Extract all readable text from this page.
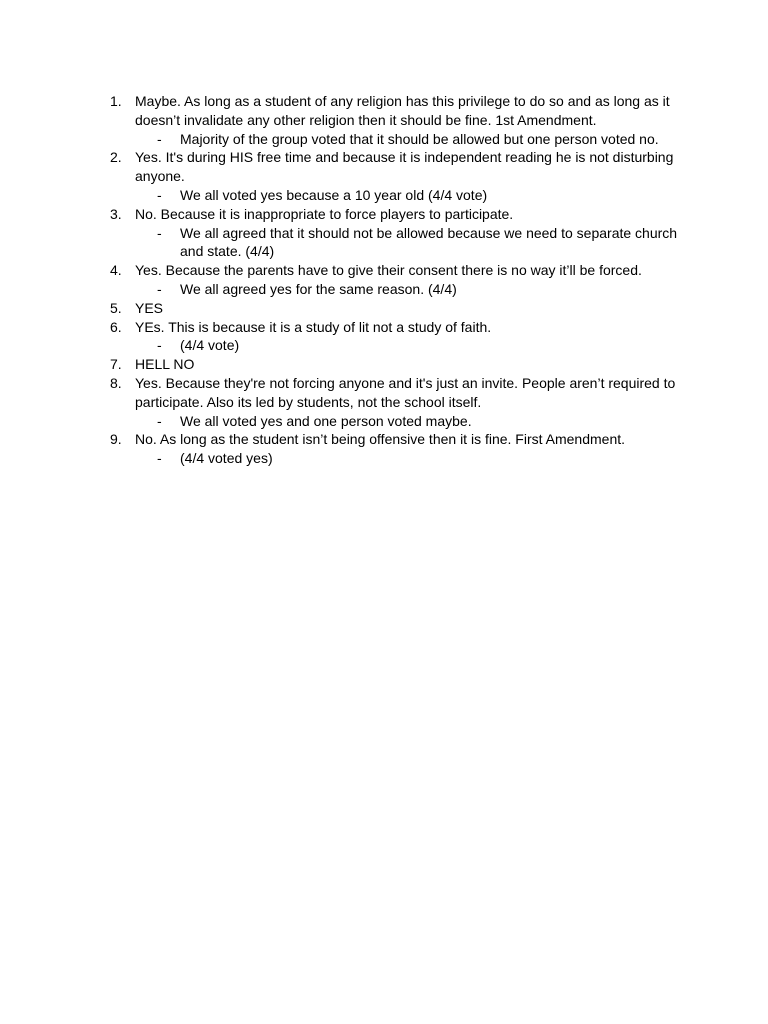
1. Maybe. As long as a student of any religion has this privilege to do so and as long as it doesn’t invalidate any other religion then it should be fine. 1st Amendment.
- Majority of the group voted that it should be allowed but one person voted no.
2. Yes. It's during HIS free time and because it is independent reading he is not disturbing anyone.
- We all voted yes because a 10 year old (4/4 vote)
3. No. Because it is inappropriate to force players to participate.
- We all agreed that it should not be allowed because we need to separate church and state. (4/4)
4. Yes. Because the parents have to give their consent there is no way it’ll be forced.
- We all agreed yes for the same reason. (4/4)
5. YES
6. YEs. This is because it is a study of lit not a study of faith.
- (4/4 vote)
7. HELL NO
8. Yes. Because they're not forcing anyone and it's just an invite. People aren’t required to participate. Also its led by students, not the school itself.
- We all voted yes and one person voted maybe.
9. No. As long as the student isn’t being offensive then it is fine. First Amendment.
- (4/4 voted yes)
